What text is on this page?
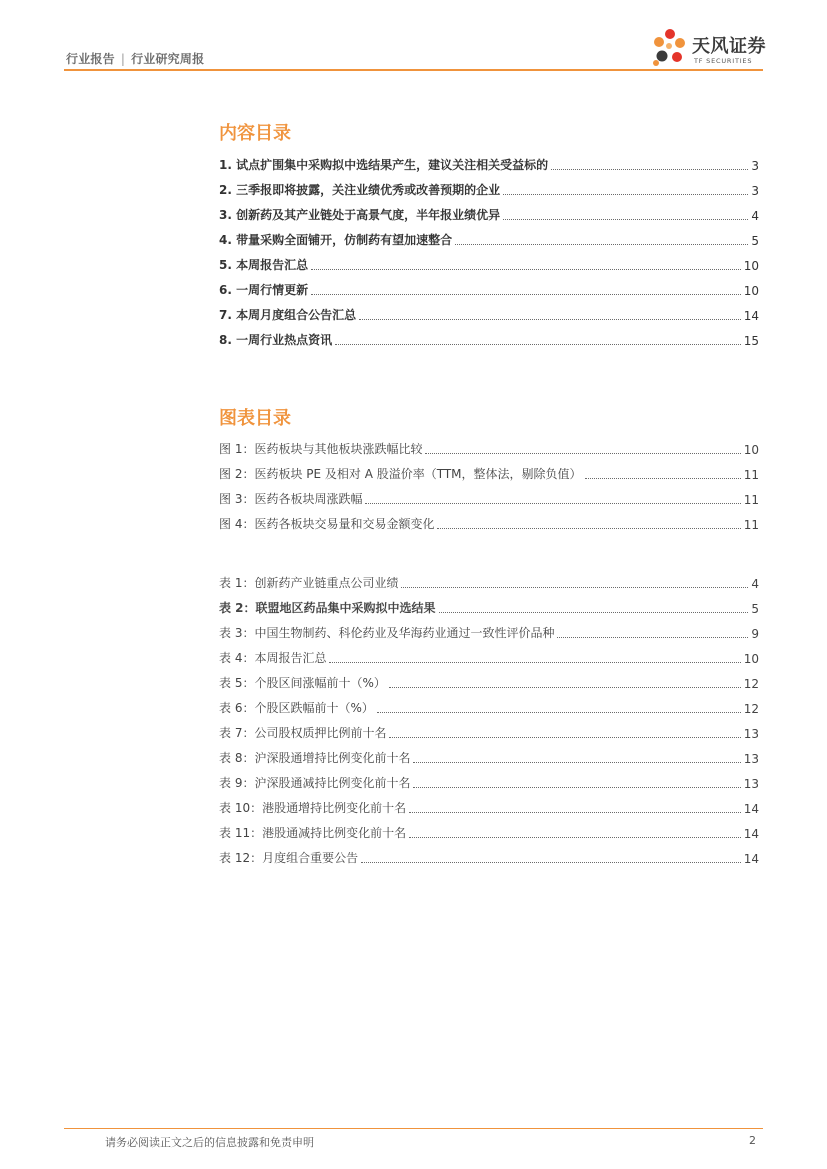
行业报告 | 行业研究周报
天风证券
TF SECURITIES
内容目录
1. 试点扩围集中采购拟中选结果产生，建议关注相关受益标的	3
2. 三季报即将披露，关注业绩优秀或改善预期的企业	3
3. 创新药及其产业链处于高景气度，半年报业绩优异	4
4. 带量采购全面铺开，仿制药有望加速整合	5
5. 本周报告汇总	10
6. 一周行情更新	10
7. 本周月度组合公告汇总	14
8. 一周行业热点资讯	15
图表目录
图 1：医药板块与其他板块涨跌幅比较	10
图 2：医药板块 PE 及相对 A 股溢价率（TTM，整体法，剔除负值）	11
图 3：医药各板块周涨跌幅	11
图 4：医药各板块交易量和交易金额变化	11
表 1：创新药产业链重点公司业绩	4
表 2：联盟地区药品集中采购拟中选结果	5
表 3：中国生物制药、科伦药业及华海药业通过一致性评价品种	9
表 4：本周报告汇总	10
表 5：个股区间涨幅前十（%）	12
表 6：个股区跌幅前十（%）	12
表 7：公司股权质押比例前十名	13
表 8：沪深股通增持比例变化前十名	13
表 9：沪深股通减持比例变化前十名	13
表 10：港股通增持比例变化前十名	14
表 11：港股通减持比例变化前十名	14
表 12：月度组合重要公告	14
请务必阅读正文之后的信息披露和免责申明	2
